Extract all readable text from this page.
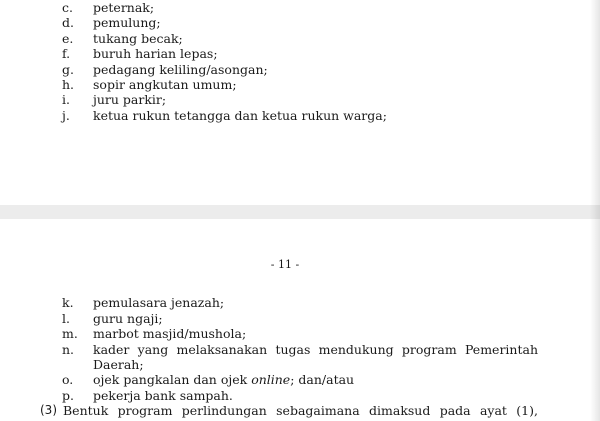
c. peternak;
d. pemulung;
e. tukang becak;
f. buruh harian lepas;
g. pedagang keliling/asongan;
h. sopir angkutan umum;
i. juru parkir;
j. ketua rukun tetangga dan ketua rukun warga;
- 11 -
k. pemulasara jenazah;
l. guru ngaji;
m. marbot masjid/mushola;
n. kader yang melaksanakan tugas mendukung program Pemerintah
Daerah;
o. ojek pangkalan dan ojek online; dan/atau
p. pekerja bank sampah.
(3) Bentuk program perlindungan sebagaimana dimaksud pada ayat (1),
